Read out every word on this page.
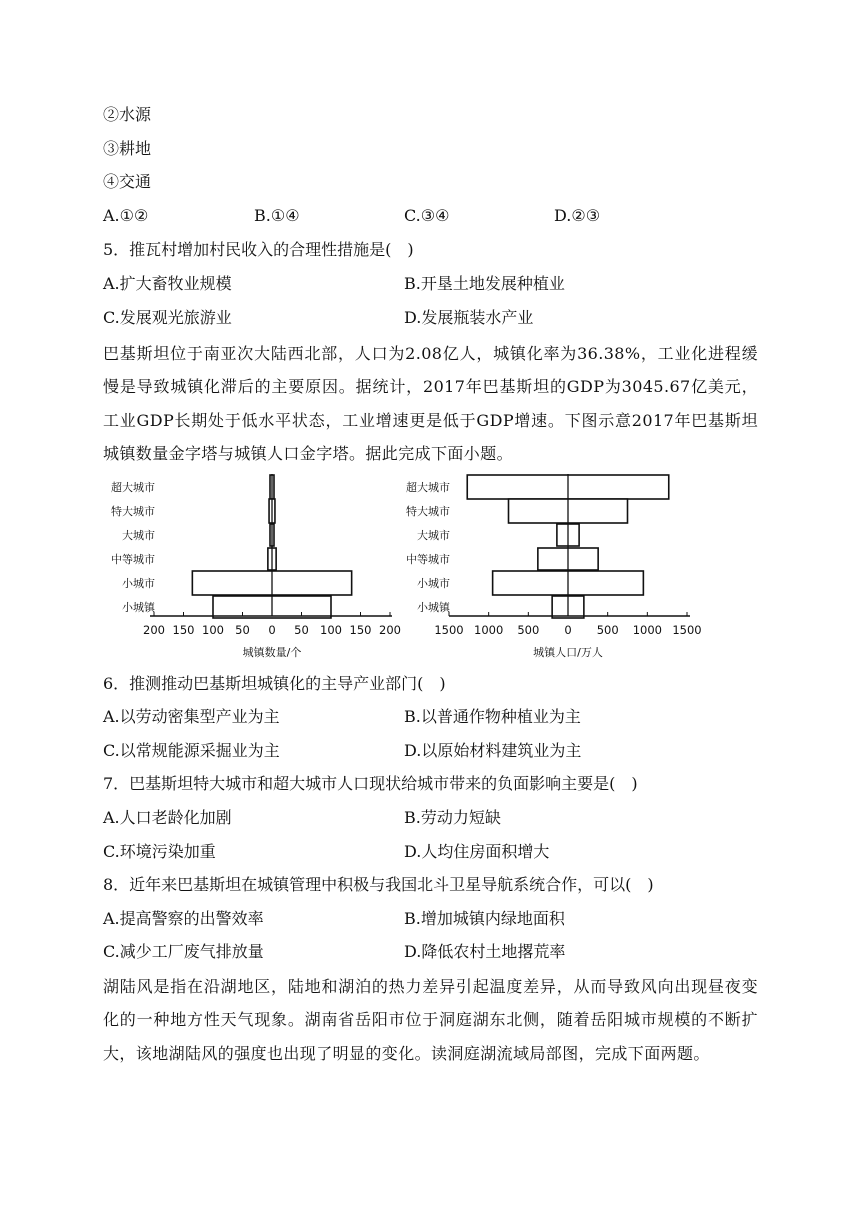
②水源
③耕地
④交通
A.①②	B.①④	C.③④	D.②③
5．推瓦村增加村民收入的合理性措施是(　)
A.扩大畜牧业规模	B.开垦土地发展种植业
C.发展观光旅游业	D.发展瓶装水产业
巴基斯坦位于南亚次大陆西北部，人口为2.08亿人，城镇化率为36.38%，工业化进程缓慢是导致城镇化滞后的主要原因。据统计，2017年巴基斯坦的GDP为3045.67亿美元，工业GDP长期处于低水平状态，工业增速更是低于GDP增速。下图示意2017年巴基斯坦城镇数量金字塔与城镇人口金字塔。据此完成下面小题。
超大城市
特大城市
大城市
中等城市
小城市
小城镇
200 150 100 50 0 50 100 150 200
城镇数量/个
超大城市
特大城市
大城市
中等城市
小城市
小城镇
1500 1000 500 0 500 1000 1500
城镇人口/万人
6．推测推动巴基斯坦城镇化的主导产业部门(　)
A.以劳动密集型产业为主	B.以普通作物种植业为主
C.以常规能源采掘业为主	D.以原始材料建筑业为主
7．巴基斯坦特大城市和超大城市人口现状给城市带来的负面影响主要是(　)
A.人口老龄化加剧	B.劳动力短缺
C.环境污染加重	D.人均住房面积增大
8．近年来巴基斯坦在城镇管理中积极与我国北斗卫星导航系统合作，可以(　)
A.提高警察的出警效率	B.增加城镇内绿地面积
C.减少工厂废气排放量	D.降低农村土地撂荒率
湖陆风是指在沿湖地区，陆地和湖泊的热力差异引起温度差异，从而导致风向出现昼夜变化的一种地方性天气现象。湖南省岳阳市位于洞庭湖东北侧，随着岳阳城市规模的不断扩大，该地湖陆风的强度也出现了明显的变化。读洞庭湖流域局部图，完成下面两题。
